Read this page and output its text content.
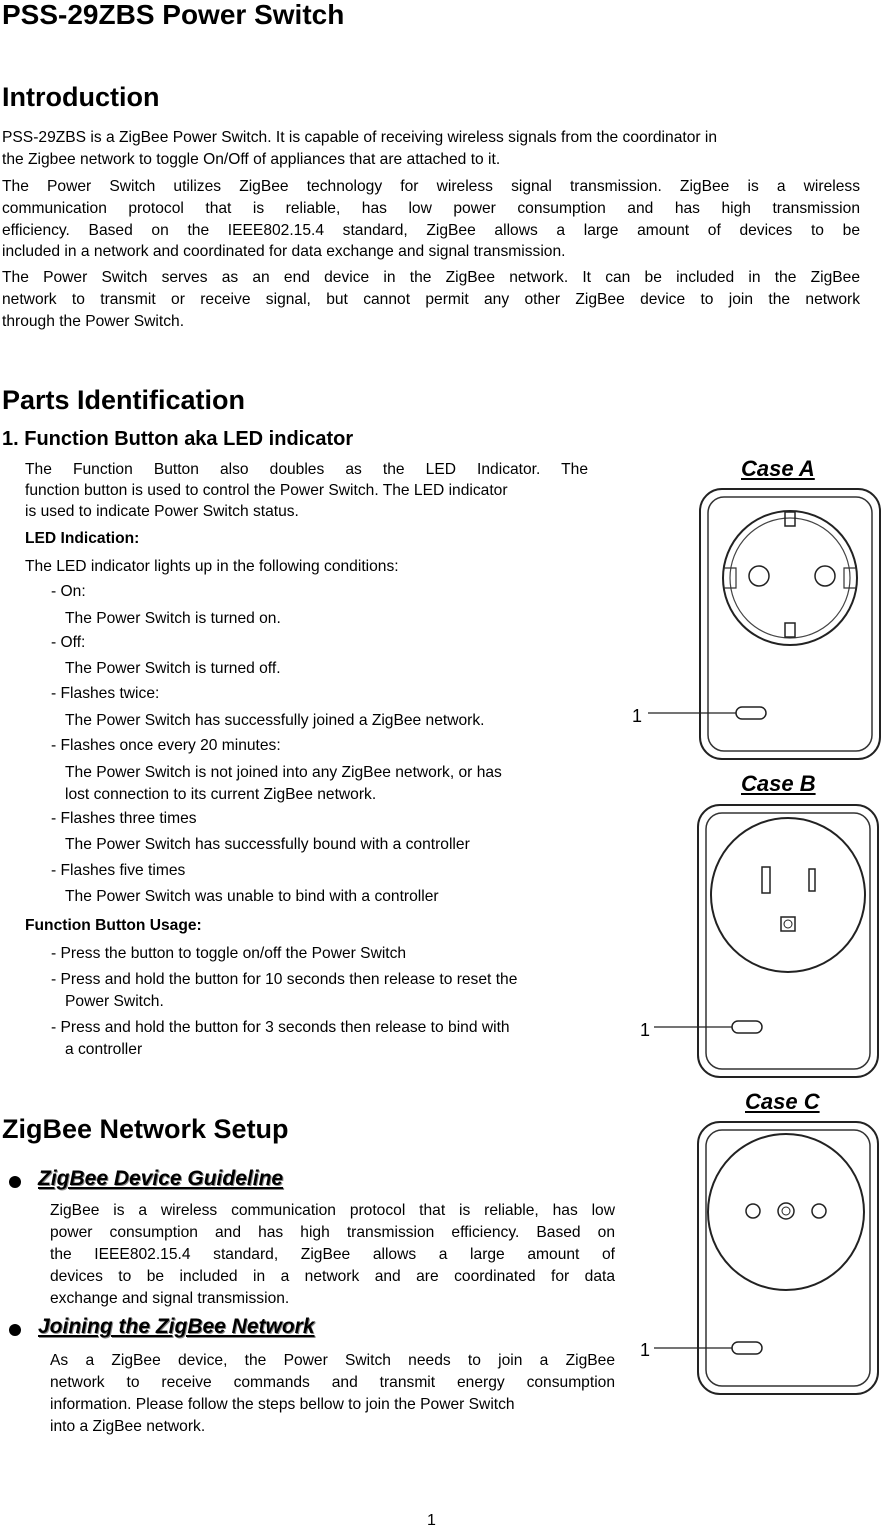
PSS-29ZBS Power Switch
Introduction
PSS-29ZBS is a ZigBee Power Switch. It is capable of receiving wireless signals from the coordinator in
the Zigbee network to toggle On/Off of appliances that are attached to it.
The Power Switch utilizes ZigBee technology for wireless signal transmission. ZigBee is a wireless
communication protocol that is reliable, has low power consumption and has high transmission
efficiency. Based on the IEEE802.15.4 standard, ZigBee allows a large amount of devices to be
included in a network and coordinated for data exchange and signal transmission.
The Power Switch serves as an end device in the ZigBee network. It can be included in the ZigBee
network to transmit or receive signal, but cannot permit any other ZigBee device to join the network
through the Power Switch.
Parts Identification
1. Function Button aka LED indicator
The Function Button also doubles as the LED Indicator. The
function button is used to control the Power Switch. The LED indicator
is used to indicate Power Switch status.
LED Indication:
The LED indicator lights up in the following conditions:
- On:
The Power Switch is turned on.
- Off:
The Power Switch is turned off.
- Flashes twice:
The Power Switch has successfully joined a ZigBee network.
- Flashes once every 20 minutes:
The Power Switch is not joined into any ZigBee network, or has
lost connection to its current ZigBee network.
- Flashes three times
The Power Switch has successfully bound with a controller
- Flashes five times
The Power Switch was unable to bind with a controller
Function Button Usage:
- Press the button to toggle on/off the Power Switch
- Press and hold the button for 10 seconds then release to reset the
Power Switch.
- Press and hold the button for 3 seconds then release to bind with
a controller
Case A
1
Case B
1
Case C
1
ZigBee Network Setup
ZigBee Device Guideline
ZigBee is a wireless communication protocol that is reliable, has low
power consumption and has high transmission efficiency. Based on
the IEEE802.15.4 standard, ZigBee allows a large amount of
devices to be included in a network and are coordinated for data
exchange and signal transmission.
Joining the ZigBee Network
As a ZigBee device, the Power Switch needs to join a ZigBee
network to receive commands and transmit energy consumption
information. Please follow the steps bellow to join the Power Switch
into a ZigBee network.
1
